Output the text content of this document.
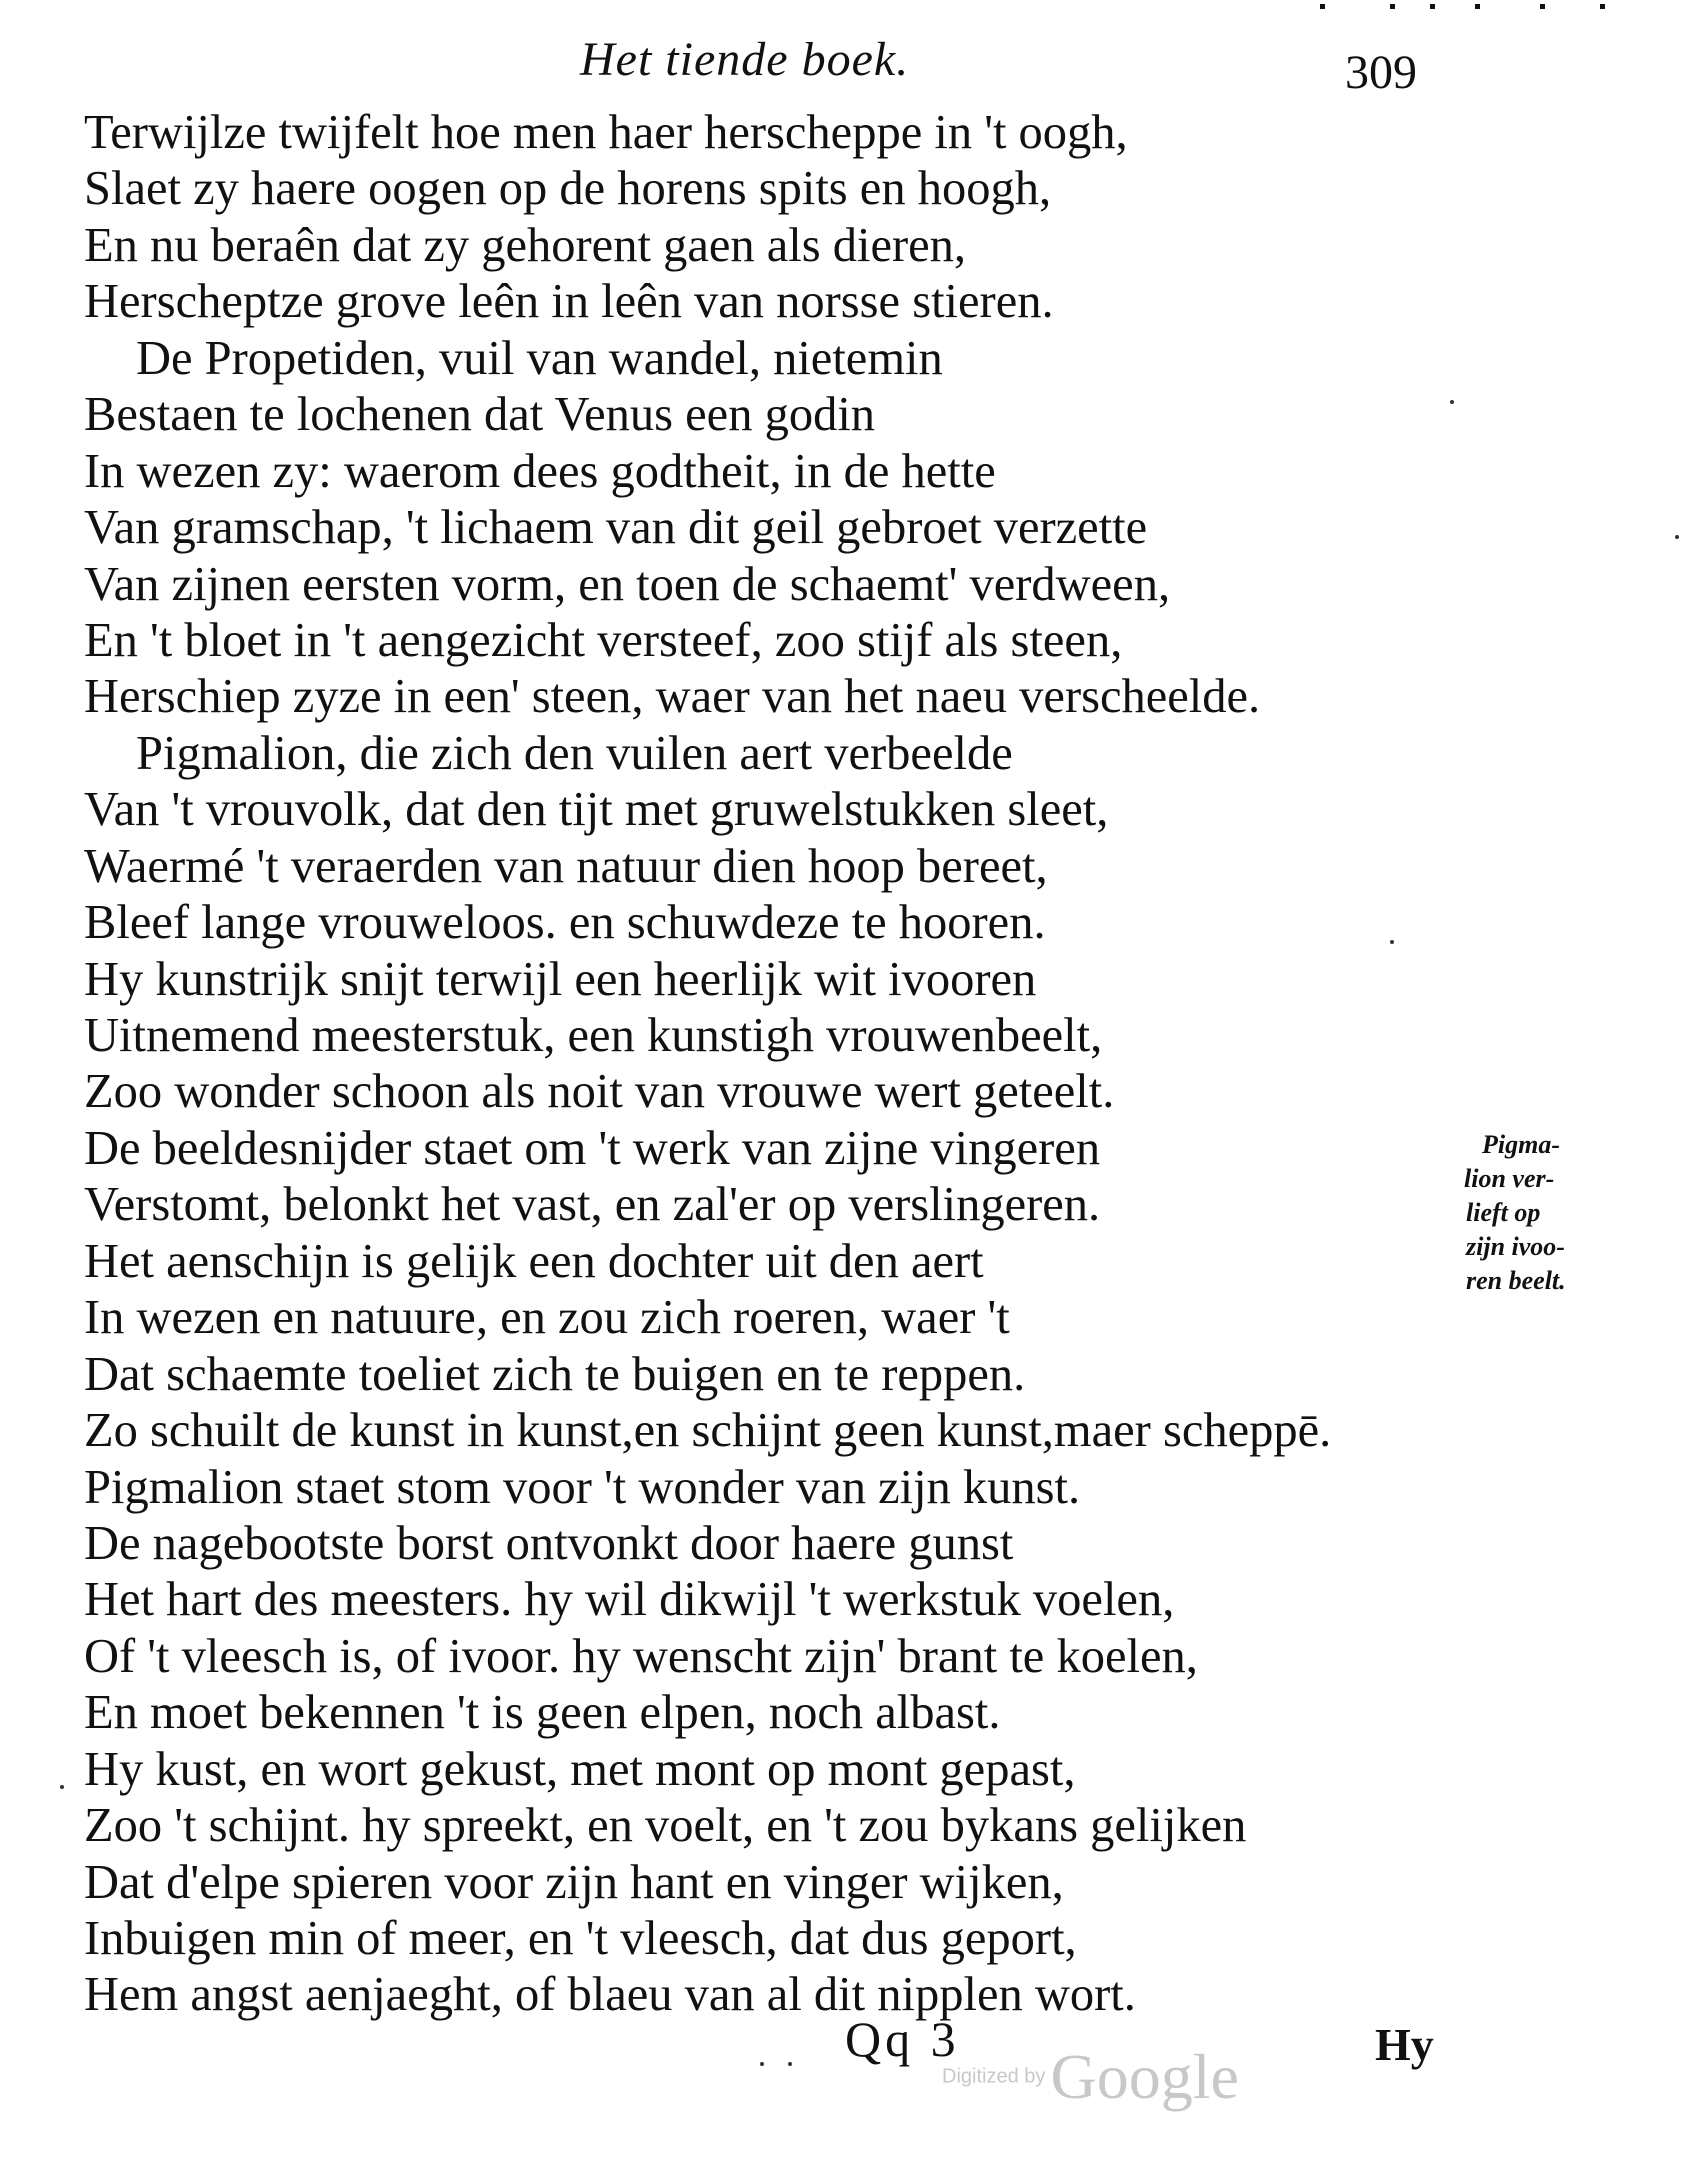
Het tiende boek.	309
Terwijlze twijfelt hoe men haer herscheppe in 't oogh,
Slaet zy haere oogen op de horens spits en hoogh,
En nu beraên dat zy gehorent gaen als dieren,
Herscheptze grove leên in leên van norsse stieren.
De Propetiden, vuil van wandel, nietemin
Bestaen te lochenen dat Venus een godin
In wezen zy: waerom dees godtheit, in de hette
Van gramschap, 't lichaem van dit geil gebroet verzette
Van zijnen eersten vorm, en toen de schaemt' verdween,
En 't bloet in 't aengezicht versteef, zoo stijf als steen,
Herschiep zyze in een' steen, waer van het naeu verscheelde.
Pigmalion, die zich den vuilen aert verbeelde
Van 't vrouvolk, dat den tijt met gruwelstukken sleet,
Waermé 't veraerden van natuur dien hoop bereet,
Bleef lange vrouweloos. en schuwdeze te hooren.
Hy kunstrijk snijt terwijl een heerlijk wit ivooren
Uitnemend meesterstuk, een kunstigh vrouwenbeelt,
Zoo wonder schoon als noit van vrouwe wert geteelt.
De beeldesnijder staet om 't werk van zijne vingeren
Verstomt, belonkt het vast, en zal'er op verslingeren.
Het aenschijn is gelijk een dochter uit den aert
In wezen en natuure, en zou zich roeren, waer 't
Dat schaemte toeliet zich te buigen en te reppen.
Zo schuilt de kunst in kunst,en schijnt geen kunst,maer scheppē.
Pigmalion staet stom voor 't wonder van zijn kunst.
De nagebootste borst ontvonkt door haere gunst
Het hart des meesters. hy wil dikwijl 't werkstuk voelen,
Of 't vleesch is, of ivoor. hy wenscht zijn' brant te koelen,
En moet bekennen 't is geen elpen, noch albast.
Hy kust, en wort gekust, met mont op mont gepast,
Zoo 't schijnt. hy spreekt, en voelt, en 't zou bykans gelijken
Dat d'elpe spieren voor zijn hant en vinger wijken,
Inbuigen min of meer, en 't vleesch, dat dus geport,
Hem angst aenjaeght, of blaeu van al dit nipplen wort.
Pigma-
lion ver-
lieft op
zijn ivoo-
ren beelt.
Qq 3	Hy
Digitized by Google
